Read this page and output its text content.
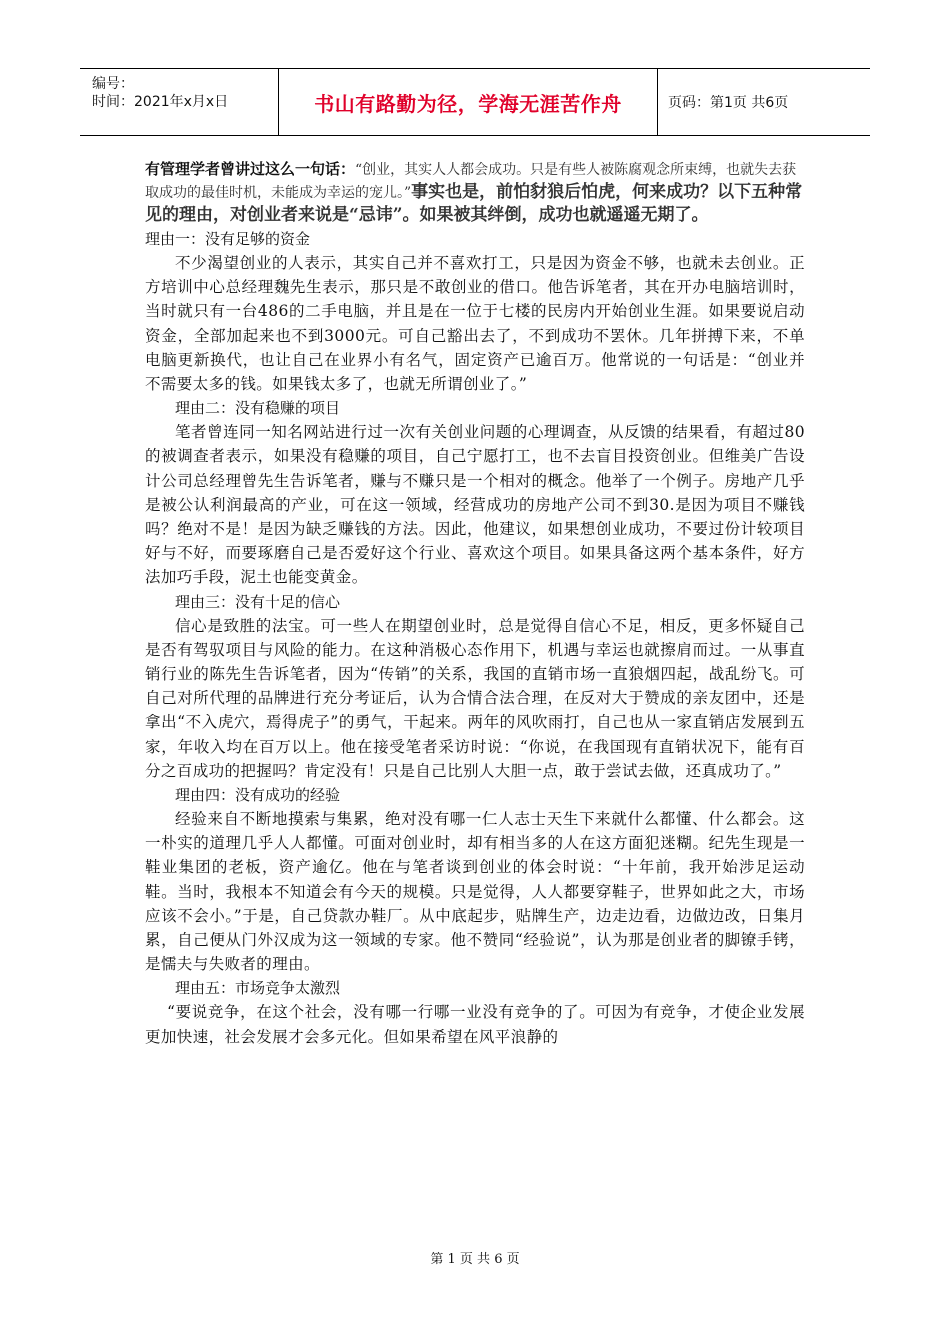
编号：
时间：2021年x月x日	书山有路勤为径，学海无涯苦作舟	页码：第1页 共6页

有管理学者曾讲过这么一句话：“创业，其实人人都会成功。只是有些人被陈腐观念所束缚，也就失去获取成功的最佳时机，未能成为幸运的宠儿。”事实也是，前怕豺狼后怕虎，何来成功？以下五种常见的理由，对创业者来说是“忌讳”。如果被其绊倒，成功也就遥遥无期了。

理由一：没有足够的资金

不少渴望创业的人表示，其实自己并不喜欢打工，只是因为资金不够，也就未去创业。正方培训中心总经理魏先生表示，那只是不敢创业的借口。他告诉笔者，其在开办电脑培训时，当时就只有一台486的二手电脑，并且是在一位于七楼的民房内开始创业生涯。如果要说启动资金，全部加起来也不到3000元。可自己豁出去了，不到成功不罢休。几年拼搏下来，不单电脑更新换代，也让自己在业界小有名气，固定资产已逾百万。他常说的一句话是：“创业并不需要太多的钱。如果钱太多了，也就无所谓创业了。”

理由二：没有稳赚的项目

笔者曾连同一知名网站进行过一次有关创业问题的心理调查，从反馈的结果看，有超过80的被调查者表示，如果没有稳赚的项目，自己宁愿打工，也不去盲目投资创业。但维美广告设计公司总经理曾先生告诉笔者，赚与不赚只是一个相对的概念。他举了一个例子。房地产几乎是被公认利润最高的产业，可在这一领域，经营成功的房地产公司不到30.是因为项目不赚钱吗？绝对不是！是因为缺乏赚钱的方法。因此，他建议，如果想创业成功，不要过份计较项目好与不好，而要琢磨自己是否爱好这个行业、喜欢这个项目。如果具备这两个基本条件，好方法加巧手段，泥土也能变黄金。

理由三：没有十足的信心

信心是致胜的法宝。可一些人在期望创业时，总是觉得自信心不足，相反，更多怀疑自己是否有驾驭项目与风险的能力。在这种消极心态作用下，机遇与幸运也就擦肩而过。一从事直销行业的陈先生告诉笔者，因为“传销”的关系，我国的直销市场一直狼烟四起，战乱纷飞。可自己对所代理的品牌进行充分考证后，认为合情合法合理，在反对大于赞成的亲友团中，还是拿出“不入虎穴，焉得虎子”的勇气，干起来。两年的风吹雨打，自己也从一家直销店发展到五家，年收入均在百万以上。他在接受笔者采访时说：“你说，在我国现有直销状况下，能有百分之百成功的把握吗？肯定没有！只是自己比别人大胆一点，敢于尝试去做，还真成功了。”

理由四：没有成功的经验

经验来自不断地摸索与集累，绝对没有哪一仁人志士天生下来就什么都懂、什么都会。这一朴实的道理几乎人人都懂。可面对创业时，却有相当多的人在这方面犯迷糊。纪先生现是一鞋业集团的老板，资产逾亿。他在与笔者谈到创业的体会时说：“十年前，我开始涉足运动鞋。当时，我根本不知道会有今天的规模。只是觉得，人人都要穿鞋子，世界如此之大，市场应该不会小。”于是，自己贷款办鞋厂。从中底起步，贴牌生产，边走边看，边做边改，日集月累，自己便从门外汉成为这一领域的专家。他不赞同“经验说”，认为那是创业者的脚镣手铐，是懦夫与失败者的理由。

理由五：市场竞争太激烈

“要说竞争，在这个社会，没有哪一行哪一业没有竞争的了。可因为有竞争，才使企业发展更加快速，社会发展才会多元化。但如果希望在风平浪静的

第 1 页 共 6 页
